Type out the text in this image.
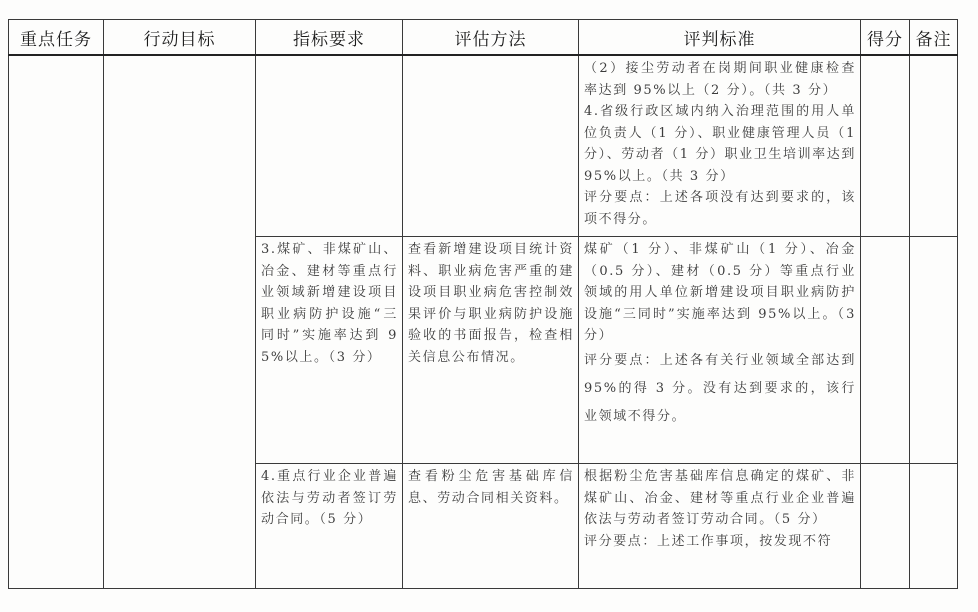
重点任务	行动目标	指标要求	评估方法	评判标准	得分	备注

				（2）接尘劳动者在岗期间职业健康检查率达到 95%以上（2 分）。（共 3 分）

4.省级行政区域内纳入治理范围的用人单位负责人（1 分）、职业健康管理人员（1 分）、劳动者（1 分）职业卫生培训率达到 95%以上。（共 3 分）

评分要点：上述各项没有达到要求的，该项不得分。		

		3.煤矿、非煤矿山、冶金、建材等重点行业领域新增建设项目职业病防护设施“三同时”实施率达到 95%以上。（3 分）	查看新增建设项目统计资料、职业病危害严重的建设项目职业病危害控制效果评价与职业病防护设施验收的书面报告，检查相关信息公布情况。	煤矿（1 分）、非煤矿山（1 分）、冶金（0.5 分）、建材（0.5 分）等重点行业领域的用人单位新增建设项目职业病防护设施“三同时”实施率达到 95%以上。（3 分）

评分要点：上述各有关行业领域全部达到 95%的得 3 分。没有达到要求的，该行业领域不得分。		

		4.重点行业企业普遍依法与劳动者签订劳动合同。（5 分）	查看粉尘危害基础库信息、劳动合同相关资料。	根据粉尘危害基础库信息确定的煤矿、非煤矿山、冶金、建材等重点行业企业普遍依法与劳动者签订劳动合同。（5 分）

评分要点：上述工作事项，按发现不符		
